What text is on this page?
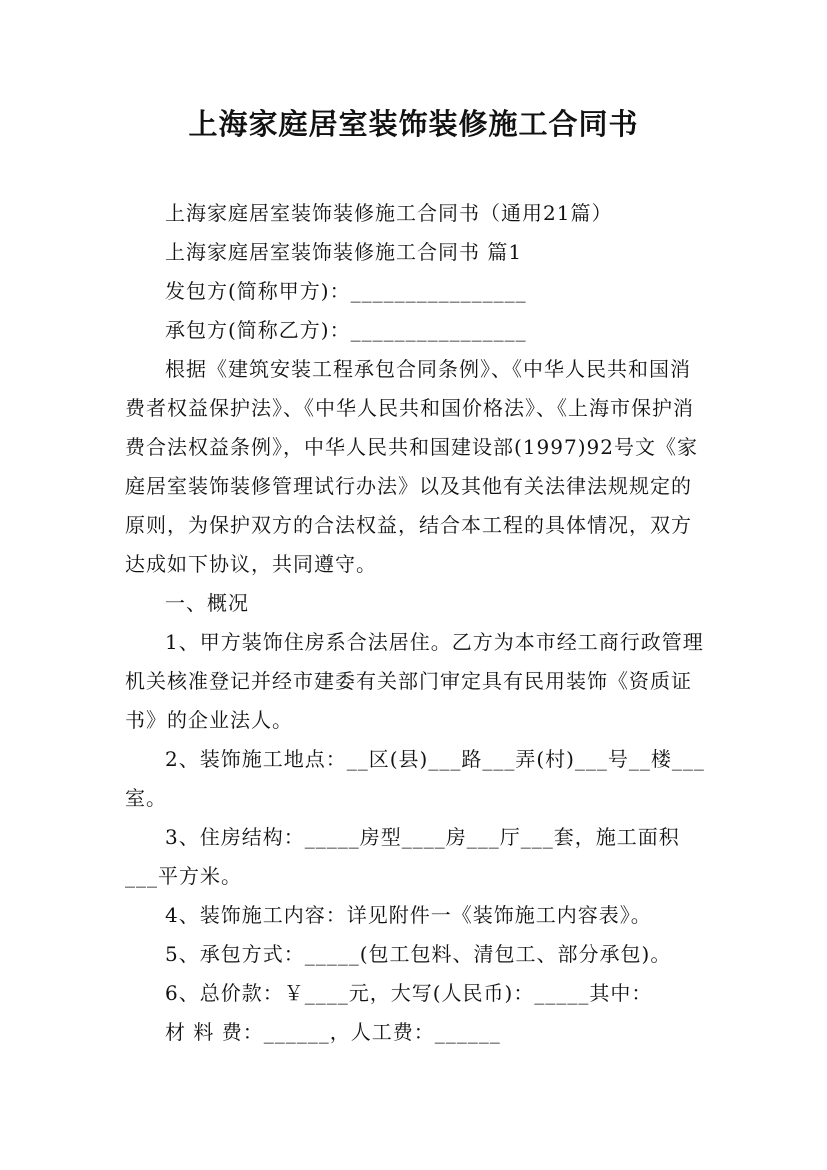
上海家庭居室装饰装修施工合同书

上海家庭居室装饰装修施工合同书（通用21篇）

上海家庭居室装饰装修施工合同书 篇1

发包方(简称甲方)：________________

承包方(简称乙方)：________________

根据《建筑安装工程承包合同条例》、《中华人民共和国消费者权益保护法》、《中华人民共和国价格法》、《上海市保护消费合法权益条例》，中华人民共和国建设部(1997)92号文《家庭居室装饰装修管理试行办法》以及其他有关法律法规规定的原则，为保护双方的合法权益，结合本工程的具体情况，双方达成如下协议，共同遵守。

一、概况

1、甲方装饰住房系合法居住。乙方为本市经工商行政管理机关核准登记并经市建委有关部门审定具有民用装饰《资质证书》的企业法人。

2、装饰施工地点：__区(县)___路___弄(村)___号__楼___室。

3、住房结构：_____房型____房___厅___套，施工面积___平方米。

4、装饰施工内容：详见附件一《装饰施工内容表》。

5、承包方式：_____(包工包料、清包工、部分承包)。

6、总价款：￥____元，大写(人民币)：_____其中：

材 料 费：______，人工费：______
